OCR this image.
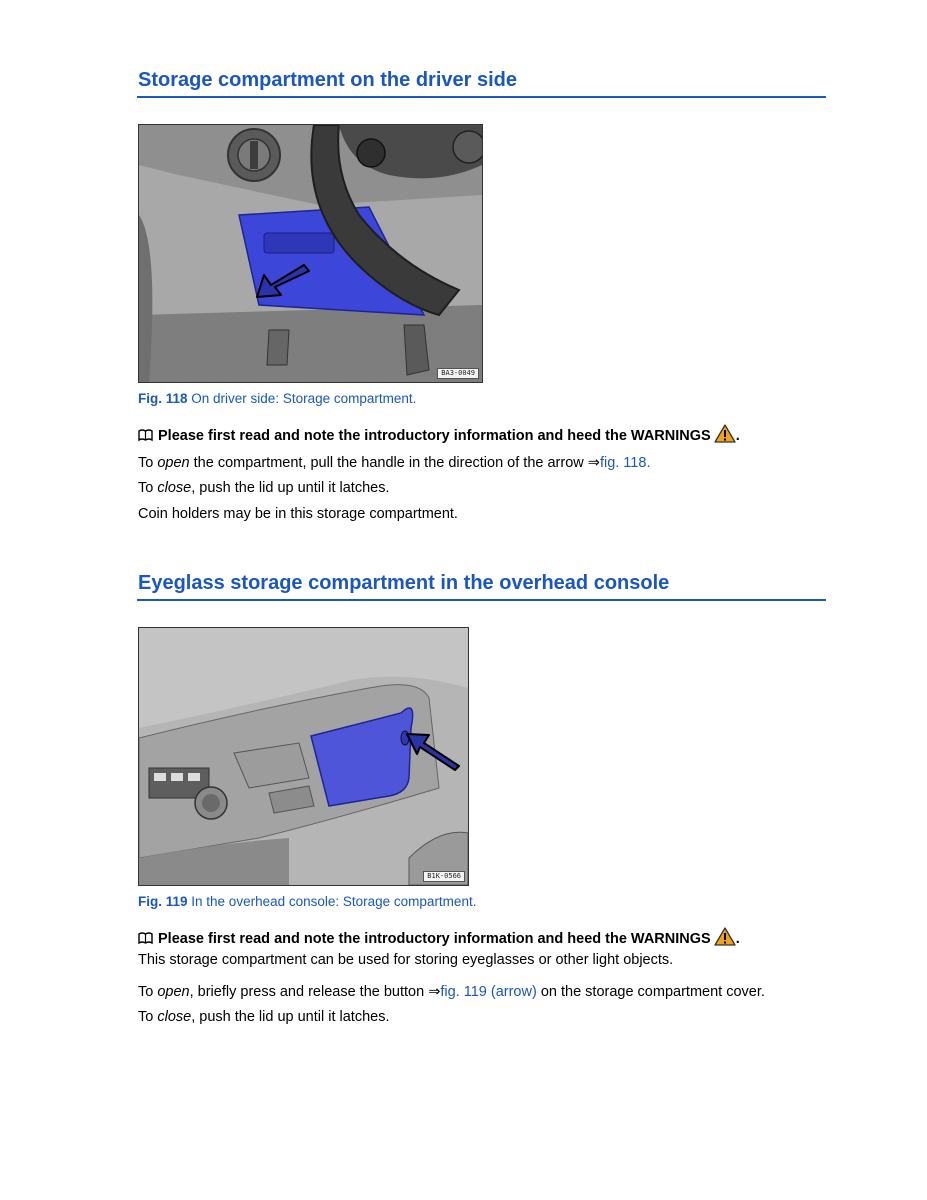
Storage compartment on the driver side
BA3-0049

Fig. 118 On driver side: Storage compartment.

Please first read and note the introductory information and heed the WARNINGS .

To open the compartment, pull the handle in the direction of the arrow ⇒fig. 118.

To close, push the lid up until it latches.

Coin holders may be in this storage compartment.

Eyeglass storage compartment in the overhead console
B1K-0566

Fig. 119 In the overhead console: Storage compartment.

Please first read and note the introductory information and heed the WARNINGS .

This storage compartment can be used for storing eyeglasses or other light objects.

To open, briefly press and release the button ⇒fig. 119 (arrow) on the storage compartment cover.

To close, push the lid up until it latches.
